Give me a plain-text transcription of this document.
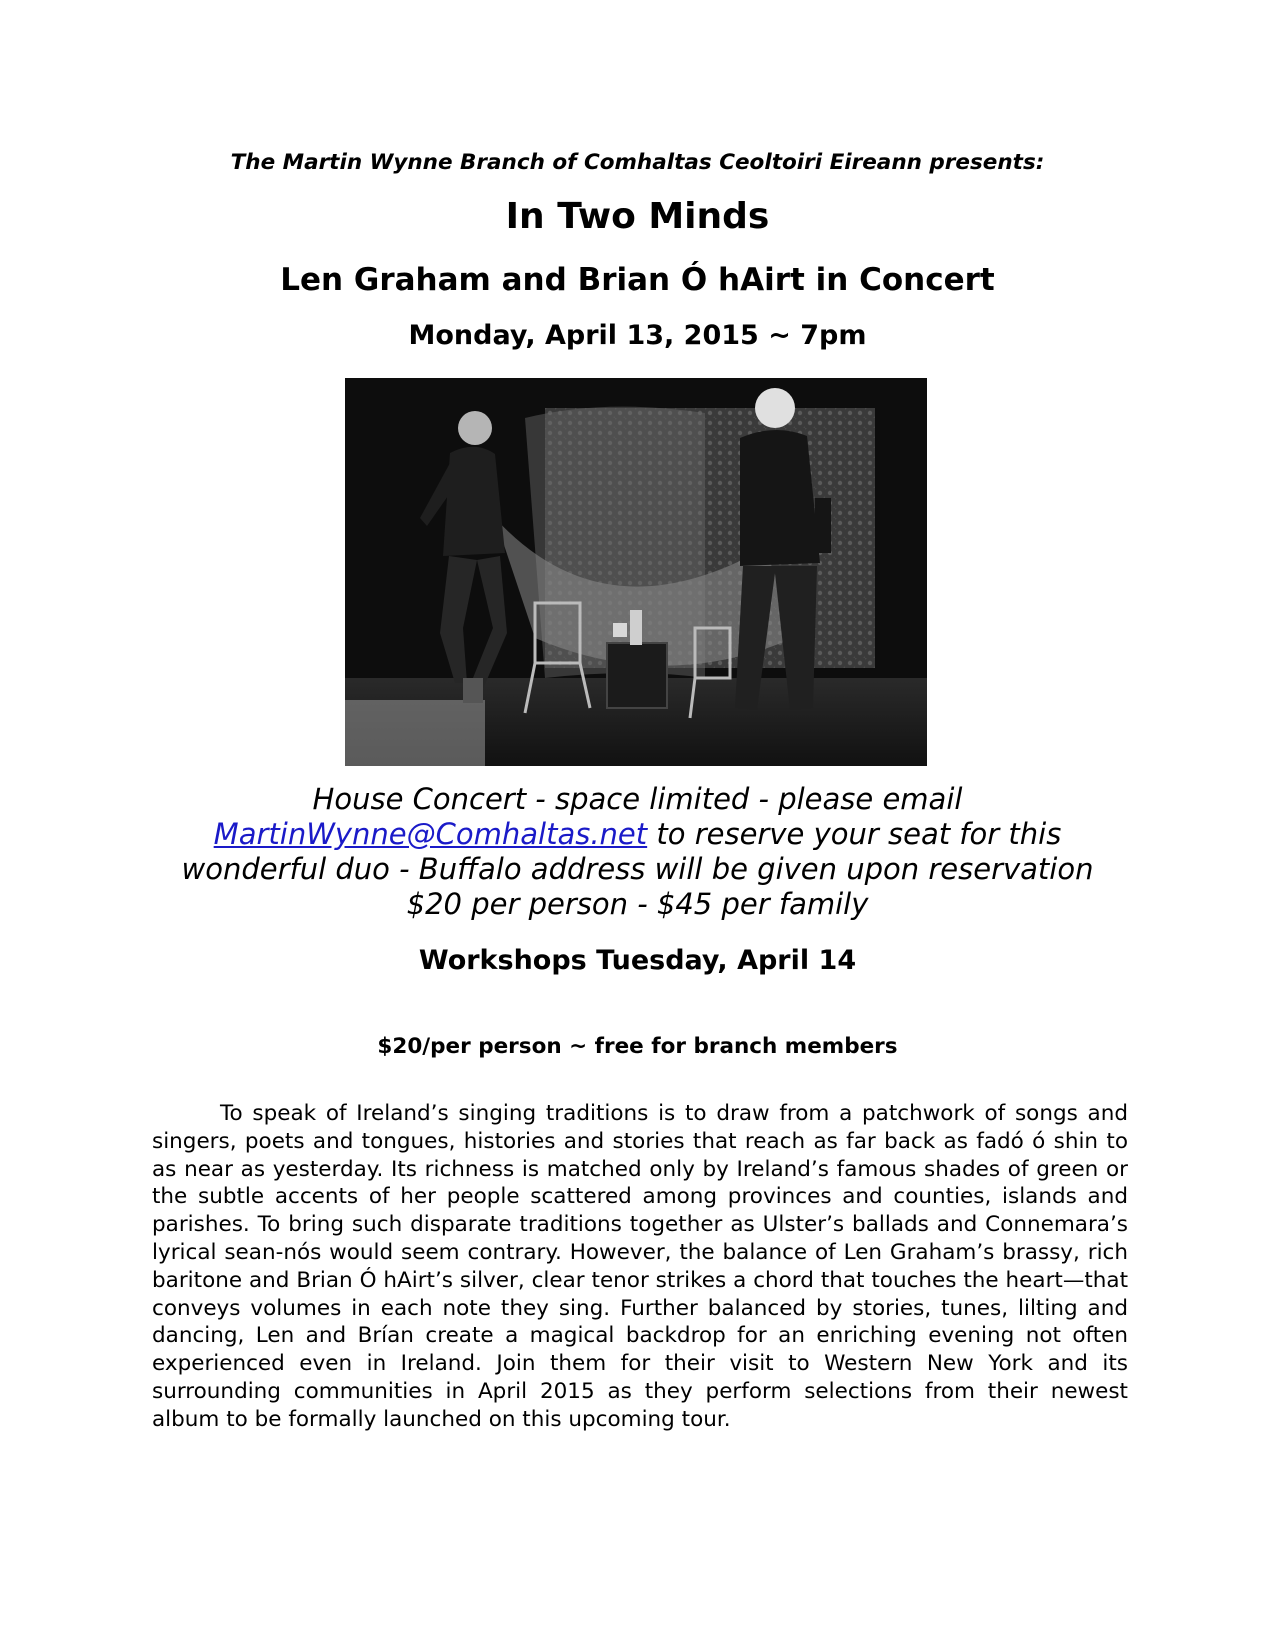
The Martin Wynne Branch of Comhaltas Ceoltoiri Eireann presents:
In Two Minds
Len Graham and Brian Ó hAirt in Concert
Monday, April 13, 2015 ~ 7pm
House Concert - space limited - please email
MartinWynne@Comhaltas.net to reserve your seat for this
wonderful duo - Buffalo address will be given upon reservation
$20 per person - $45 per family
Workshops Tuesday, April 14
$20/per person ~ free for branch members
To speak of Ireland’s singing traditions is to draw from a patchwork of songs and singers, poets and tongues, histories and stories that reach as far back as fadó ó shin to as near as yesterday. Its richness is matched only by Ireland’s famous shades of green or the subtle accents of her people scattered among provinces and counties, islands and parishes. To bring such disparate traditions together as Ulster’s ballads and Connemara’s lyrical sean-nós would seem contrary. However, the balance of Len Graham’s brassy, rich baritone and Brian Ó hAirt’s silver, clear tenor strikes a chord that touches the heart—that conveys volumes in each note they sing. Further balanced by stories, tunes, lilting and dancing, Len and Brían create a magical backdrop for an enriching evening not often experienced even in Ireland. Join them for their visit to Western New York and its surrounding communities in April 2015 as they perform selections from their newest album to be formally launched on this upcoming tour.
